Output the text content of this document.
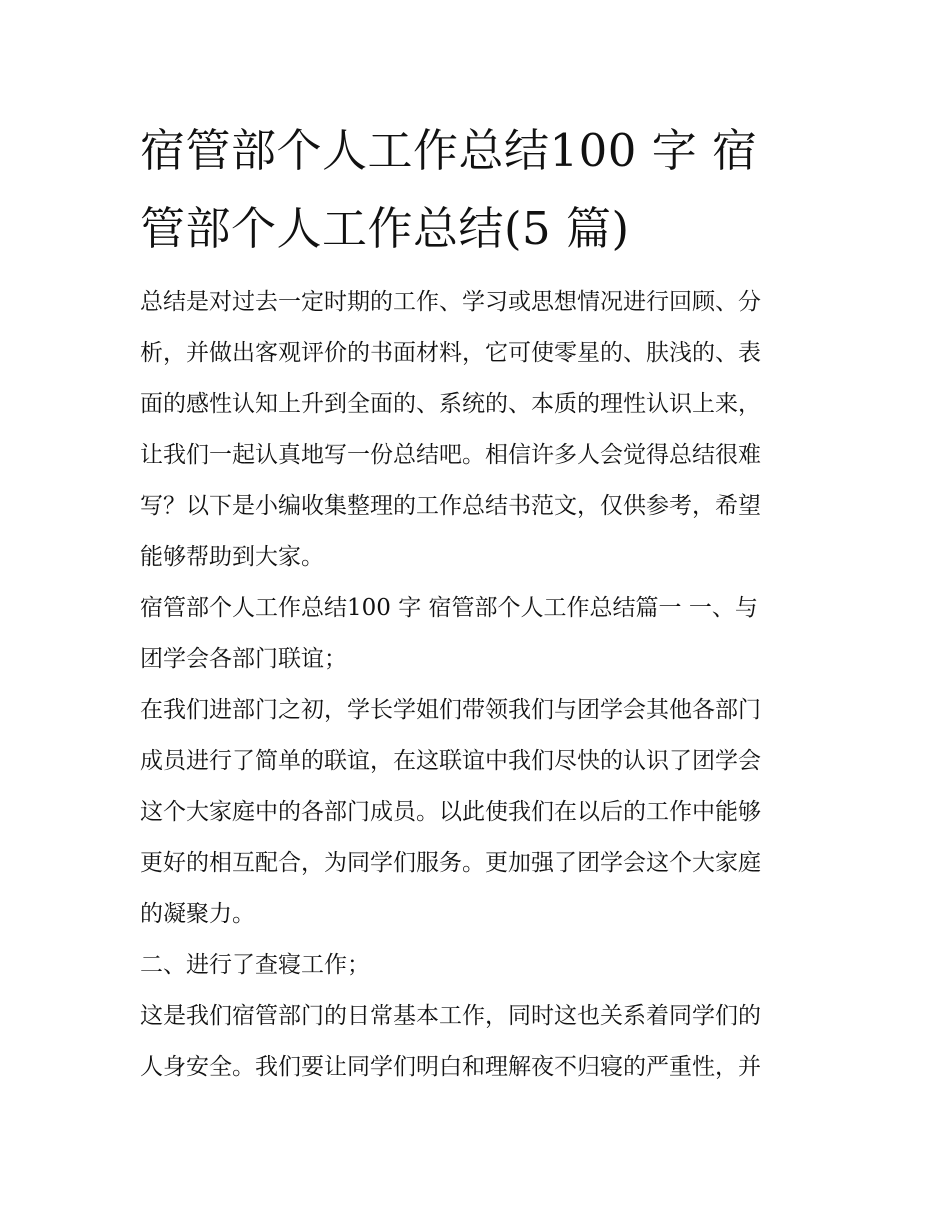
宿管部个人工作总结100 字 宿
管部个人工作总结(5 篇)

总结是对过去一定时期的工作、学习或思想情况进行回顾、分
析，并做出客观评价的书面材料，它可使零星的、肤浅的、表
面的感性认知上升到全面的、系统的、本质的理性认识上来，
让我们一起认真地写一份总结吧。相信许多人会觉得总结很难
写？以下是小编收集整理的工作总结书范文，仅供参考，希望
能够帮助到大家。

宿管部个人工作总结100 字 宿管部个人工作总结篇一 一、与
团学会各部门联谊；

在我们进部门之初，学长学姐们带领我们与团学会其他各部门
成员进行了简单的联谊，在这联谊中我们尽快的认识了团学会
这个大家庭中的各部门成员。以此使我们在以后的工作中能够
更好的相互配合，为同学们服务。更加强了团学会这个大家庭
的凝聚力。

二、进行了查寝工作；

这是我们宿管部门的日常基本工作，同时这也关系着同学们的
人身安全。我们要让同学们明白和理解夜不归寝的严重性，并
